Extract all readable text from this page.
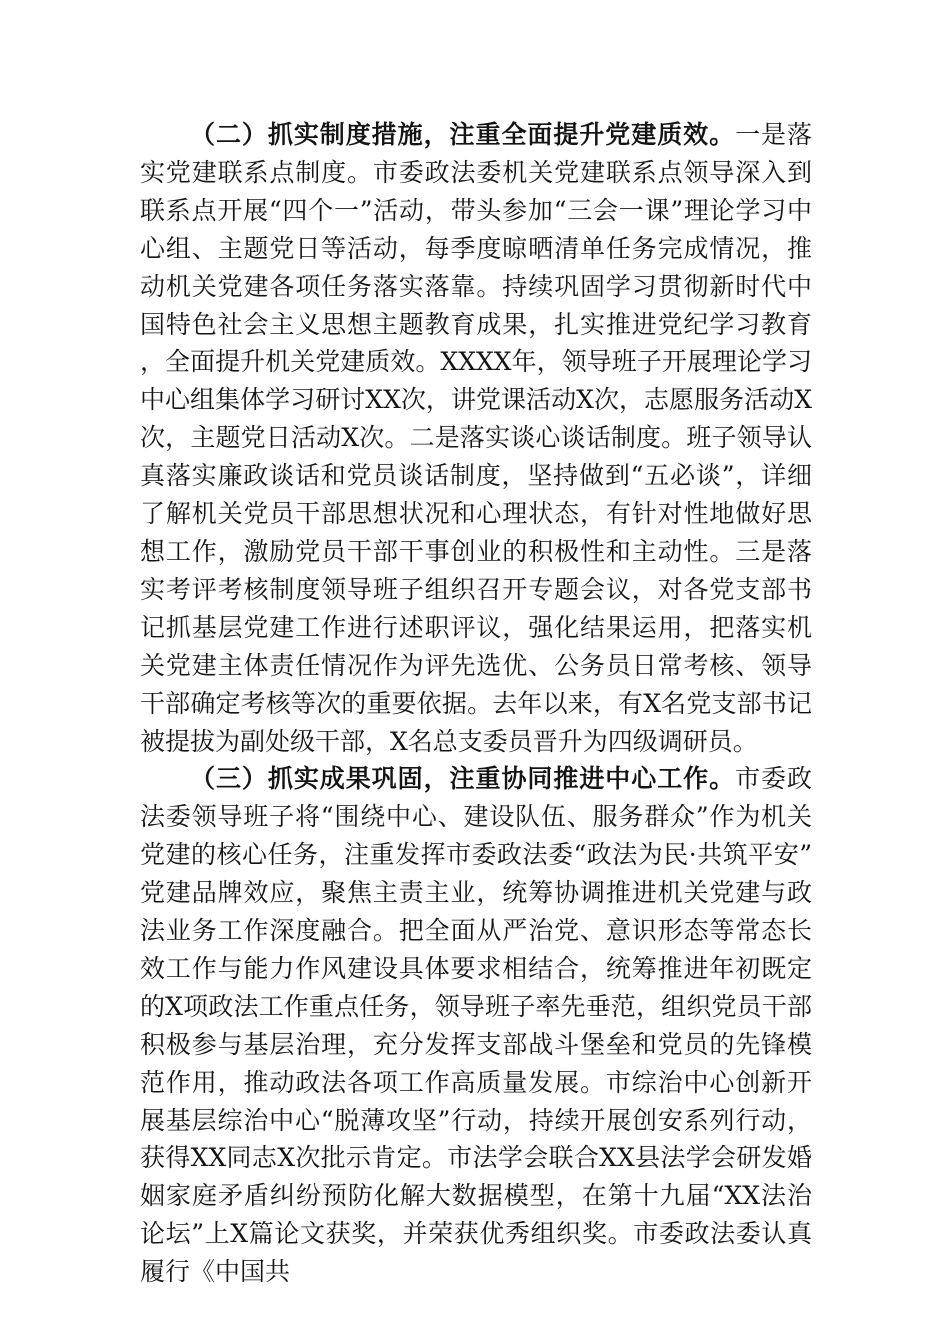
（二）抓实制度措施，注重全面提升党建质效。一是落实党建联系点制度。市委政法委机关党建联系点领导深入到联系点开展“四个一”活动，带头参加“三会一课”理论学习中心组、主题党日等活动，每季度晾晒清单任务完成情况，推动机关党建各项任务落实落靠。持续巩固学习贯彻新时代中国特色社会主义思想主题教育成果，扎实推进党纪学习教育，全面提升机关党建质效。XXXX年，领导班子开展理论学习中心组集体学习研讨XX次，讲党课活动X次，志愿服务活动X次，主题党日活动X次。二是落实谈心谈话制度。班子领导认真落实廉政谈话和党员谈话制度，坚持做到“五必谈”，详细了解机关党员干部思想状况和心理状态，有针对性地做好思想工作，激励党员干部干事创业的积极性和主动性。三是落实考评考核制度领导班子组织召开专题会议，对各党支部书记抓基层党建工作进行述职评议，强化结果运用，把落实机关党建主体责任情况作为评先选优、公务员日常考核、领导干部确定考核等次的重要依据。去年以来，有X名党支部书记被提拔为副处级干部，X名总支委员晋升为四级调研员。

（三）抓实成果巩固，注重协同推进中心工作。市委政法委领导班子将“围绕中心、建设队伍、服务群众”作为机关党建的核心任务，注重发挥市委政法委“政法为民·共筑平安”党建品牌效应，聚焦主责主业，统筹协调推进机关党建与政法业务工作深度融合。把全面从严治党、意识形态等常态长效工作与能力作风建设具体要求相结合，统筹推进年初既定的X项政法工作重点任务，领导班子率先垂范，组织党员干部积极参与基层治理，充分发挥支部战斗堡垒和党员的先锋模范作用，推动政法各项工作高质量发展。市综治中心创新开展基层综治中心“脱薄攻坚”行动，持续开展创安系列行动，获得XX同志X次批示肯定。市法学会联合XX县法学会研发婚姻家庭矛盾纠纷预防化解大数据模型，在第十九届“XX法治论坛”上X篇论文获奖，并荣获优秀组织奖。市委政法委认真履行《中国共
